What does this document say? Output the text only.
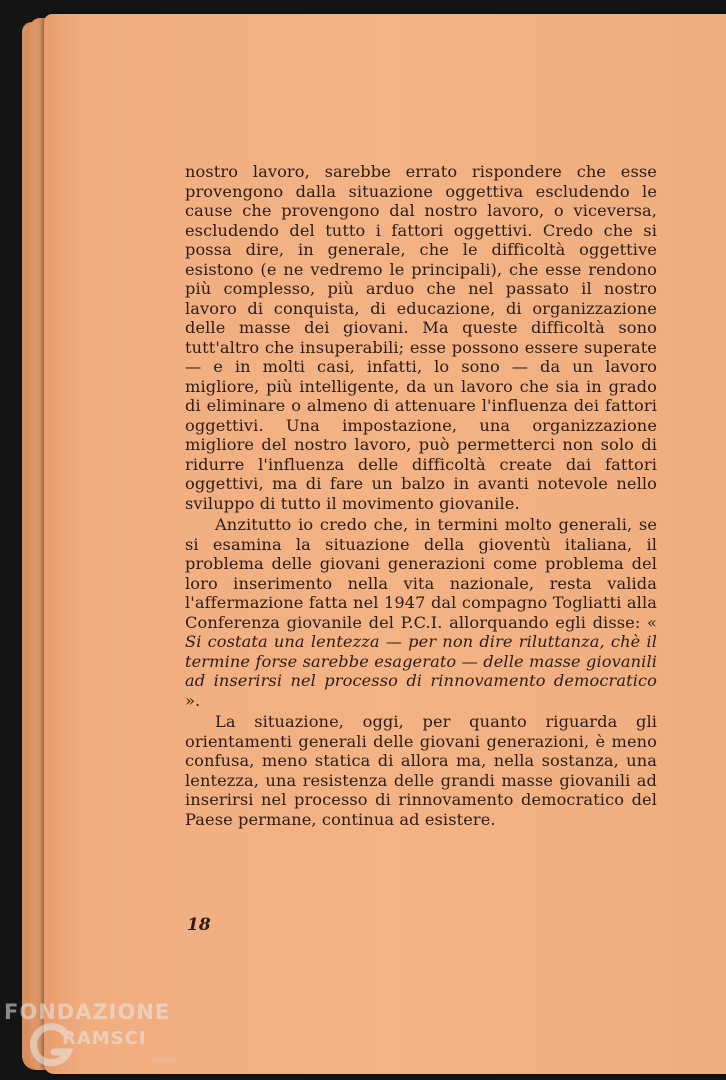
nostro lavoro, sarebbe errato rispondere che esse provengono dalla situazione oggettiva escludendo le cause che provengono dal nostro lavoro, o viceversa, escludendo del tutto i fattori oggettivi. Credo che si possa dire, in generale, che le difficoltà oggettive esistono (e ne vedremo le principali), che esse rendono più complesso, più arduo che nel passato il nostro lavoro di conquista, di educazione, di organizzazione delle masse dei giovani. Ma queste difficoltà sono tutt'altro che insuperabili; esse possono essere superate — e in molti casi, infatti, lo sono — da un lavoro migliore, più intelligente, da un lavoro che sia in grado di eliminare o almeno di attenuare l'influenza dei fattori oggettivi. Una impostazione, una organizzazione migliore del nostro lavoro, può permetterci non solo di ridurre l'influenza delle difficoltà create dai fattori oggettivi, ma di fare un balzo in avanti notevole nello sviluppo di tutto il movimento giovanile.

Anzitutto io credo che, in termini molto generali, se si esamina la situazione della gioventù italiana, il problema delle giovani generazioni come problema del loro inserimento nella vita nazionale, resta valida l'affermazione fatta nel 1947 dal compagno Togliatti alla Conferenza giovanile del P.C.I. allorquando egli disse: « Si costata una lentezza — per non dire riluttanza, chè il termine forse sarebbe esagerato — delle masse giovanili ad inserirsi nel processo di rinnovamento democratico ».

La situazione, oggi, per quanto riguarda gli orientamenti generali delle giovani generazioni, è meno confusa, meno statica di allora ma, nella sostanza, una lentezza, una resistenza delle grandi masse giovanili ad inserirsi nel processo di rinnovamento democratico del Paese permane, continua ad esistere.

18
FONDAZIONE
RAMSCI
onlus
